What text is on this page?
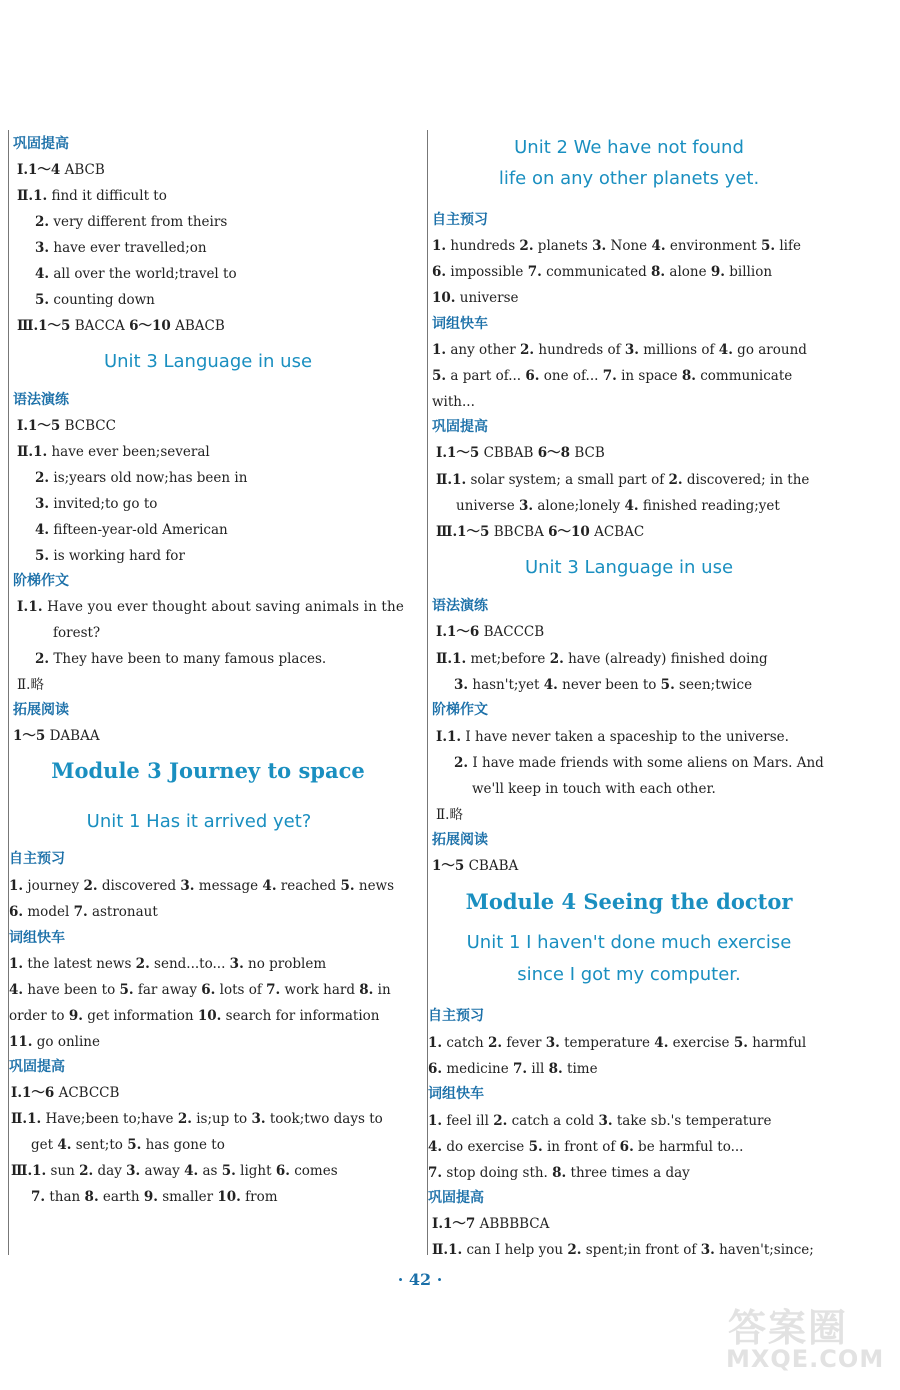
巩固提高
Ⅰ.1～4 ABCB
Ⅱ.1. find it difficult to
2. very different from theirs
3. have ever travelled;on
4. all over the world;travel to
5. counting down
Ⅲ.1～5 BACCA 6～10 ABACB
Unit 3 Language in use
语法演练
Ⅰ.1～5 BCBCC
Ⅱ.1. have ever been;several
2. is;years old now;has been in
3. invited;to go to
4. fifteen-year-old American
5. is working hard for
阶梯作文
Ⅰ.1. Have you ever thought about saving animals in the
forest?
2. They have been to many famous places.
Ⅱ.略
拓展阅读
1～5 DABAA
Module 3 Journey to space
Unit 1 Has it arrived yet?
自主预习
1. journey 2. discovered 3. message 4. reached 5. news
6. model 7. astronaut
词组快车
1. the latest news 2. send...to... 3. no problem
4. have been to 5. far away 6. lots of 7. work hard 8. in
order to 9. get information 10. search for information
11. go online
巩固提高
Ⅰ.1～6 ACBCCB
Ⅱ.1. Have;been to;have 2. is;up to 3. took;two days to
get 4. sent;to 5. has gone to
Ⅲ.1. sun 2. day 3. away 4. as 5. light 6. comes
7. than 8. earth 9. smaller 10. from
Unit 2 We have not found
life on any other planets yet.
自主预习
1. hundreds 2. planets 3. None 4. environment 5. life
6. impossible 7. communicated 8. alone 9. billion
10. universe
词组快车
1. any other 2. hundreds of 3. millions of 4. go around
5. a part of... 6. one of... 7. in space 8. communicate
with...
巩固提高
Ⅰ.1～5 CBBAB 6～8 BCB
Ⅱ.1. solar system; a small part of 2. discovered; in the
universe 3. alone;lonely 4. finished reading;yet
Ⅲ.1～5 BBCBA 6～10 ACBAC
Unit 3 Language in use
语法演练
Ⅰ.1～6 BACCCB
Ⅱ.1. met;before 2. have (already) finished doing
3. hasn't;yet 4. never been to 5. seen;twice
阶梯作文
Ⅰ.1. I have never taken a spaceship to the universe.
2. I have made friends with some aliens on Mars. And
we'll keep in touch with each other.
Ⅱ.略
拓展阅读
1～5 CBABA
Module 4 Seeing the doctor
Unit 1 I haven't done much exercise
since I got my computer.
自主预习
1. catch 2. fever 3. temperature 4. exercise 5. harmful
6. medicine 7. ill 8. time
词组快车
1. feel ill 2. catch a cold 3. take sb.'s temperature
4. do exercise 5. in front of 6. be harmful to...
7. stop doing sth. 8. three times a day
巩固提高
Ⅰ.1～7 ABBBBCA
Ⅱ.1. can I help you 2. spent;in front of 3. haven't;since;
· 42 ·
答案圈
MXQE.COM
